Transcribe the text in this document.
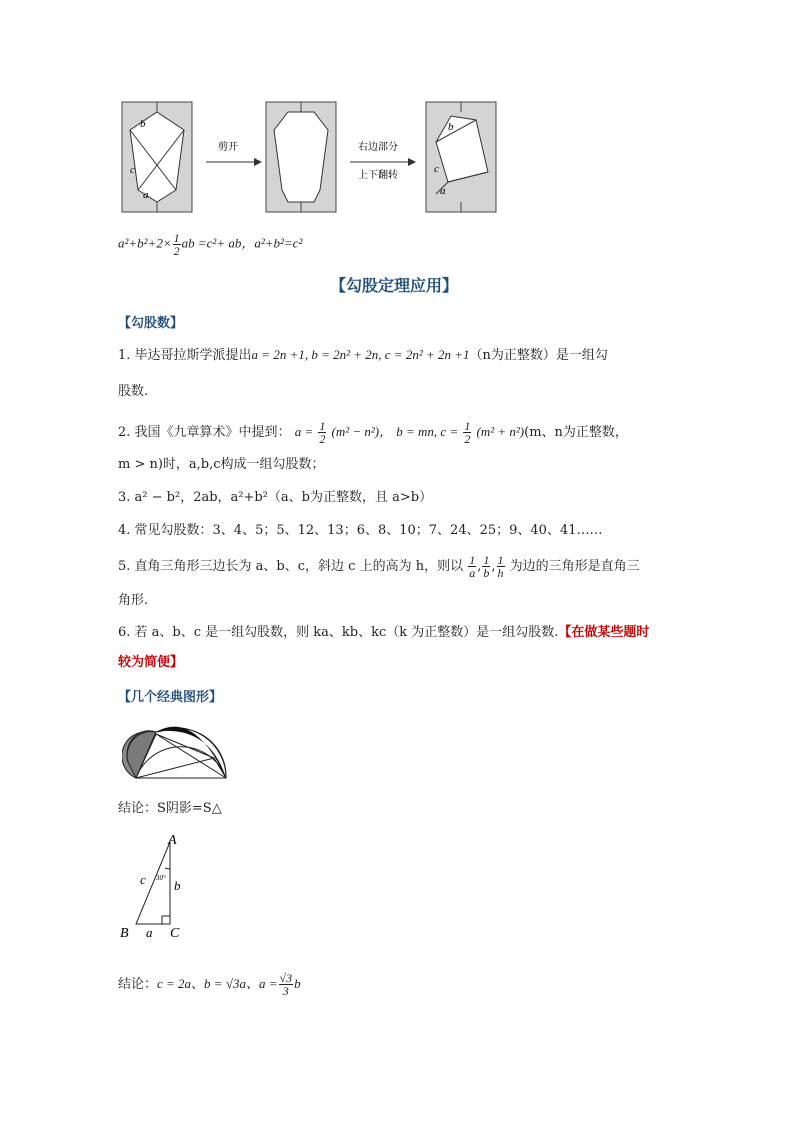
b
c
a
剪开	右边部分
上下翻转
b
c
a
$a^2+b^2+2\times \frac{1}{2}$ ab =c²+ ab，a²+b²=c²
【勾股定理应用】
【勾股数】
1. 毕达哥拉斯学派提出a = 2n +1, b = 2n² + 2n, c = 2n² + 2n +1（n为正整数）是一组勾
股数.
2. 我国《九章算术》中提到： $a = \frac{1}{2} (m^2 - n^2)$， b = mn, $c = \frac{1}{2} (m^2 + n^2)(m$、n为正整数，
m > n)时，a,b,c构成一组勾股数；
3. a² − b²，2ab，a²+b²（a、b为正整数，且 a>b）
4. 常见勾股数：3、4、5；5、12、13；6、8、10；7、24、25；9、40、41……
5. 直角三角形三边长为 a、b、c，斜边 c 上的高为 h，则以 $\frac{1}{a}$ , $\frac{1}{b}$ , $\frac{1}{h}$ 为边的三角形是直角三
角形.
6. 若 a、b、c 是一组勾股数，则 ka、kb、kc（k 为正整数）是一组勾股数.【在做某些题时
较为简便】
【几个经典图形】
结论：S阴影=S△
30°
A
B	C
a
b
c
结论：c = 2a、b = √3a、$a = \frac{√3}{3}$ b
